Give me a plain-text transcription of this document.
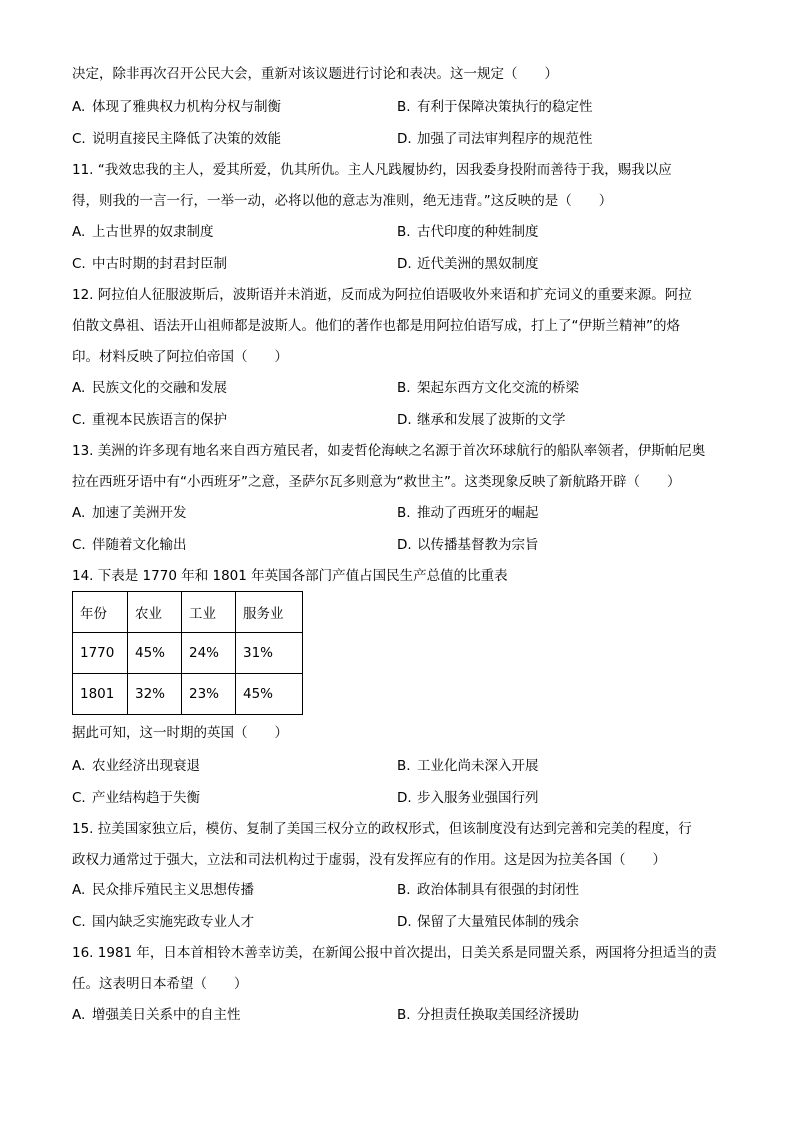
决定，除非再次召开公民大会，重新对该议题进行讨论和表决。这一规定（　　）
A. 体现了雅典权力机构分权与制衡	B. 有利于保障决策执行的稳定性
C. 说明直接民主降低了决策的效能	D. 加强了司法审判程序的规范性
11. “我效忠我的主人，爱其所爱，仇其所仇。主人凡践履协约，因我委身投附而善待于我，赐我以应
得，则我的一言一行，一举一动，必将以他的意志为准则，绝无违背。”这反映的是（　　）
A. 上古世界的奴隶制度	B. 古代印度的种姓制度
C. 中古时期的封君封臣制	D. 近代美洲的黑奴制度
12. 阿拉伯人征服波斯后，波斯语并未消逝，反而成为阿拉伯语吸收外来语和扩充词义的重要来源。阿拉
伯散文鼻祖、语法开山祖师都是波斯人。他们的著作也都是用阿拉伯语写成，打上了“伊斯兰精神”的烙
印。材料反映了阿拉伯帝国（　　）
A. 民族文化的交融和发展	B. 架起东西方文化交流的桥梁
C. 重视本民族语言的保护	D. 继承和发展了波斯的文学
13. 美洲的许多现有地名来自西方殖民者，如麦哲伦海峡之名源于首次环球航行的船队率领者，伊斯帕尼奥
拉在西班牙语中有“小西班牙”之意，圣萨尔瓦多则意为“救世主”。这类现象反映了新航路开辟（　　）
A. 加速了美洲开发	B. 推动了西班牙的崛起
C. 伴随着文化输出	D. 以传播基督教为宗旨
14. 下表是 1770 年和 1801 年英国各部门产值占国民生产总值的比重表
年份	农业	工业	服务业
1770	45%	24%	31%
1801	32%	23%	45%
据此可知，这一时期的英国（　　）
A. 农业经济出现衰退	B. 工业化尚未深入开展
C. 产业结构趋于失衡	D. 步入服务业强国行列
15. 拉美国家独立后，模仿、复制了美国三权分立的政权形式，但该制度没有达到完善和完美的程度，行
政权力通常过于强大，立法和司法机构过于虚弱，没有发挥应有的作用。这是因为拉美各国（　　）
A. 民众排斥殖民主义思想传播	B. 政治体制具有很强的封闭性
C. 国内缺乏实施宪政专业人才	D. 保留了大量殖民体制的残余
16. 1981 年，日本首相铃木善幸访美，在新闻公报中首次提出，日美关系是同盟关系，两国将分担适当的责
任。这表明日本希望（　　）
A. 增强美日关系中的自主性	B. 分担责任换取美国经济援助
